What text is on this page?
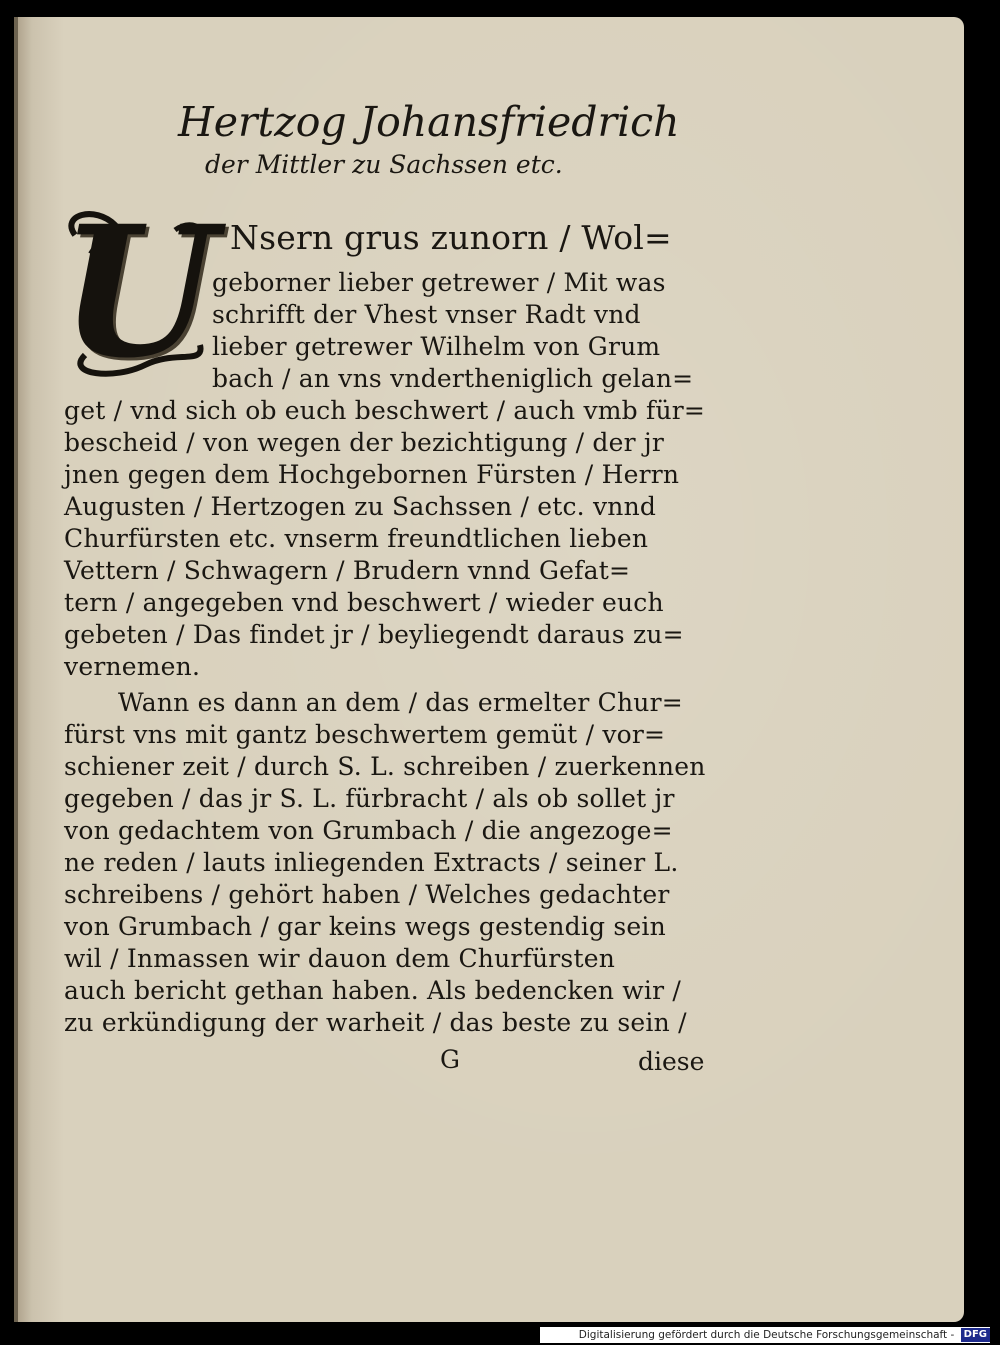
Hertzog Johansfriedrich
der Mittler zu Sachssen etc.
U Nsern grus zunorn / Wol=
geborner lieber getrewer / Mit was
schrifft der Vhest vnser Radt vnd
lieber getrewer Wilhelm von Grum
bach / an vns vndertheniglich gelan=
get / vnd sich ob euch beschwert / auch vmb für=
bescheid / von wegen der bezichtigung / der jr
jnen gegen dem Hochgebornen Fürsten / Herrn
Augusten / Hertzogen zu Sachssen / etc. vnnd
Churfürsten etc. vnserm freundtlichen lieben
Vettern / Schwagern / Brudern vnnd Gefat=
tern / angegeben vnd beschwert / wieder euch
gebeten / Das findet jr / beyliegendt daraus zu=
vernemen.
Wann es dann an dem / das ermelter Chur=
fürst vns mit gantz beschwertem gemüt / vor=
schiener zeit / durch S. L. schreiben / zuerkennen
gegeben / das jr S. L. fürbracht / als ob sollet jr
von gedachtem von Grumbach / die angezoge=
ne reden / lauts inliegenden Extracts / seiner L.
schreibens / gehört haben / Welches gedachter
von Grumbach / gar keins wegs gestendig sein
wil / Inmassen wir dauon dem Churfürsten
auch bericht gethan haben. Als bedencken wir /
zu erkündigung der warheit / das beste zu sein /
G	diese
Digitalisierung gefördert durch die Deutsche Forschungsgemeinschaft - DFG
